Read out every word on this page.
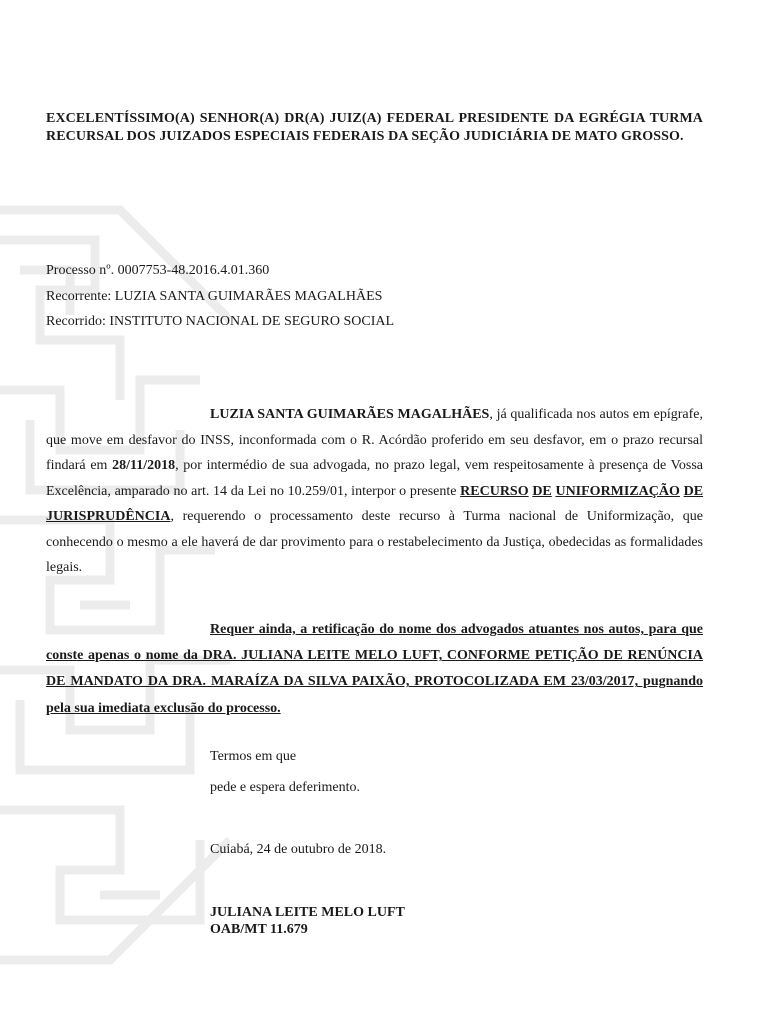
EXCELENTÍSSIMO(A) SENHOR(A) DR(A) JUIZ(A) FEDERAL PRESIDENTE DA EGRÉGIA TURMA RECURSAL DOS JUIZADOS ESPECIAIS FEDERAIS DA SEÇÃO JUDICIÁRIA DE MATO GROSSO.
Processo nº. 0007753-48.2016.4.01.360
Recorrente: LUZIA SANTA GUIMARÃES MAGALHÃES
Recorrido: INSTITUTO NACIONAL DE SEGURO SOCIAL
LUZIA SANTA GUIMARÃES MAGALHÃES, já qualificada nos autos em epígrafe, que move em desfavor do INSS, inconformada com o R. Acórdão proferido em seu desfavor, em o prazo recursal findará em 28/11/2018, por intermédio de sua advogada, no prazo legal, vem respeitosamente à presença de Vossa Excelência, amparado no art. 14 da Lei no 10.259/01, interpor o presente RECURSO DE UNIFORMIZAÇÃO DE JURISPRUDÊNCIA, requerendo o processamento deste recurso à Turma nacional de Uniformização, que conhecendo o mesmo a ele haverá de dar provimento para o restabelecimento da Justiça, obedecidas as formalidades legais.
Requer ainda, a retificação do nome dos advogados atuantes nos autos, para que conste apenas o nome da DRA. JULIANA LEITE MELO LUFT, CONFORME PETIÇÃO DE RENÚNCIA DE MANDATO DA DRA. MARAÍZA DA SILVA PAIXÃO, PROTOCOLIZADA EM 23/03/2017, pugnando pela sua imediata exclusão do processo.
Termos em que
pede e espera deferimento.
Cuiabá, 24 de outubro de 2018.
JULIANA LEITE MELO LUFT
OAB/MT 11.679
